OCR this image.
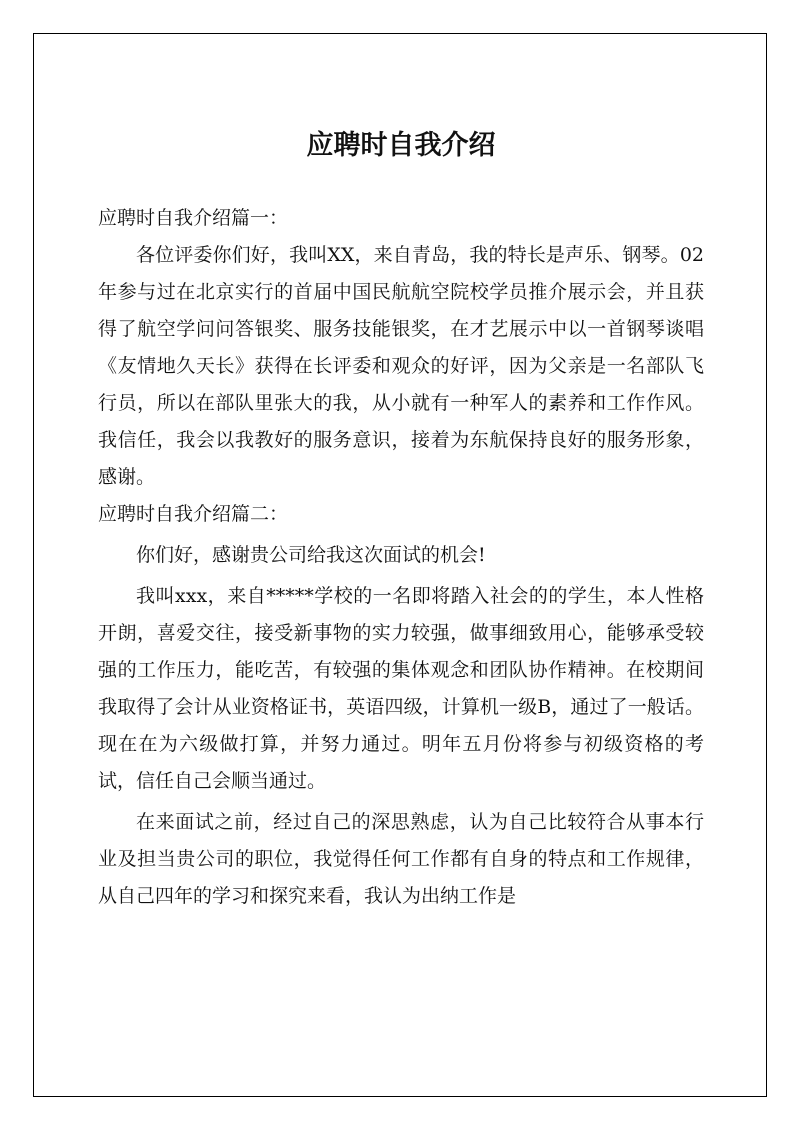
应聘时自我介绍

应聘时自我介绍篇一：

各位评委你们好，我叫XX，来自青岛，我的特长是声乐、钢琴。02年参与过在北京实行的首届中国民航航空院校学员推介展示会，并且获得了航空学问问答银奖、服务技能银奖，在才艺展示中以一首钢琴谈唱《友情地久天长》获得在长评委和观众的好评，因为父亲是一名部队飞行员，所以在部队里张大的我，从小就有一种军人的素养和工作作风。我信任，我会以我教好的服务意识，接着为东航保持良好的服务形象，感谢。

应聘时自我介绍篇二：

你们好，感谢贵公司给我这次面试的机会!

我叫xxx，来自*****学校的一名即将踏入社会的的学生，本人性格开朗，喜爱交往，接受新事物的实力较强，做事细致用心，能够承受较强的工作压力，能吃苦，有较强的集体观念和团队协作精神。在校期间我取得了会计从业资格证书，英语四级，计算机一级B，通过了一般话。现在在为六级做打算，并努力通过。明年五月份将参与初级资格的考试，信任自己会顺当通过。

在来面试之前，经过自己的深思熟虑，认为自己比较符合从事本行业及担当贵公司的职位，我觉得任何工作都有自身的特点和工作规律，从自己四年的学习和探究来看，我认为出纳工作是
